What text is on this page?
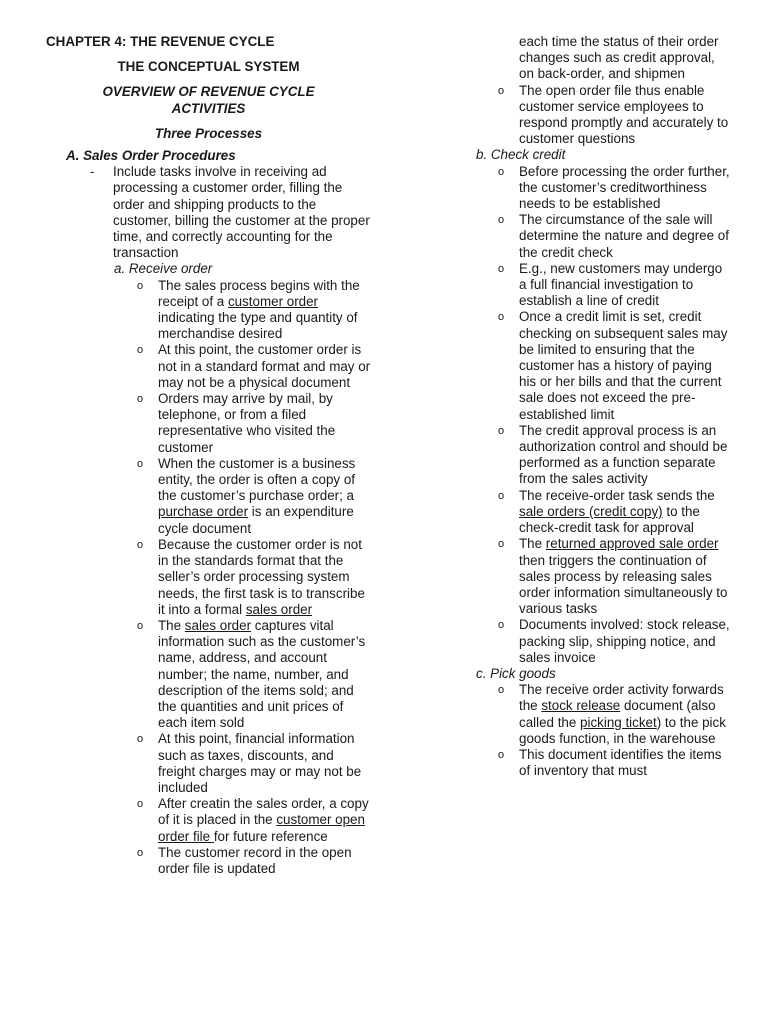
CHAPTER 4: THE REVENUE CYCLE
THE CONCEPTUAL SYSTEM
OVERVIEW OF REVENUE CYCLE
ACTIVITIES
Three Processes
A. Sales Order Procedures
- Include tasks involve in receiving ad processing a customer order, filling the order and shipping products to the customer, billing the customer at the proper time, and correctly accounting for the transaction
a. Receive order
o The sales process begins with the receipt of a customer order indicating the type and quantity of merchandise desired
o At this point, the customer order is not in a standard format and may or may not be a physical document
o Orders may arrive by mail, by telephone, or from a filed representative who visited the customer
o When the customer is a business entity, the order is often a copy of the customer’s purchase order; a purchase order is an expenditure cycle document
o Because the customer order is not in the standards format that the seller’s order processing system needs, the first task is to transcribe it into a formal sales order
o The sales order captures vital information such as the customer’s name, address, and account number; the name, number, and description of the items sold; and the quantities and unit prices of each item sold
o At this point, financial information such as taxes, discounts, and freight charges may or may not be included
o After creatin the sales order, a copy of it is placed in the customer open order file for future reference
o The customer record in the open order file is updated
each time the status of their order changes such as credit approval, on back-order, and shipmen
o The open order file thus enable customer service employees to respond promptly and accurately to customer questions
b. Check credit
o Before processing the order further, the customer’s creditworthiness needs to be established
o The circumstance of the sale will determine the nature and degree of the credit check
o E.g., new customers may undergo a full financial investigation to establish a line of credit
o Once a credit limit is set, credit checking on subsequent sales may be limited to ensuring that the customer has a history of paying his or her bills and that the current sale does not exceed the pre-established limit
o The credit approval process is an authorization control and should be performed as a function separate from the sales activity
o The receive-order task sends the sale orders (credit copy) to the check-credit task for approval
o The returned approved sale order then triggers the continuation of sales process by releasing sales order information simultaneously to various tasks
o Documents involved: stock release, packing slip, shipping notice, and sales invoice
c. Pick goods
o The receive order activity forwards the stock release document (also called the picking ticket) to the pick goods function, in the warehouse
o This document identifies the items of inventory that must
